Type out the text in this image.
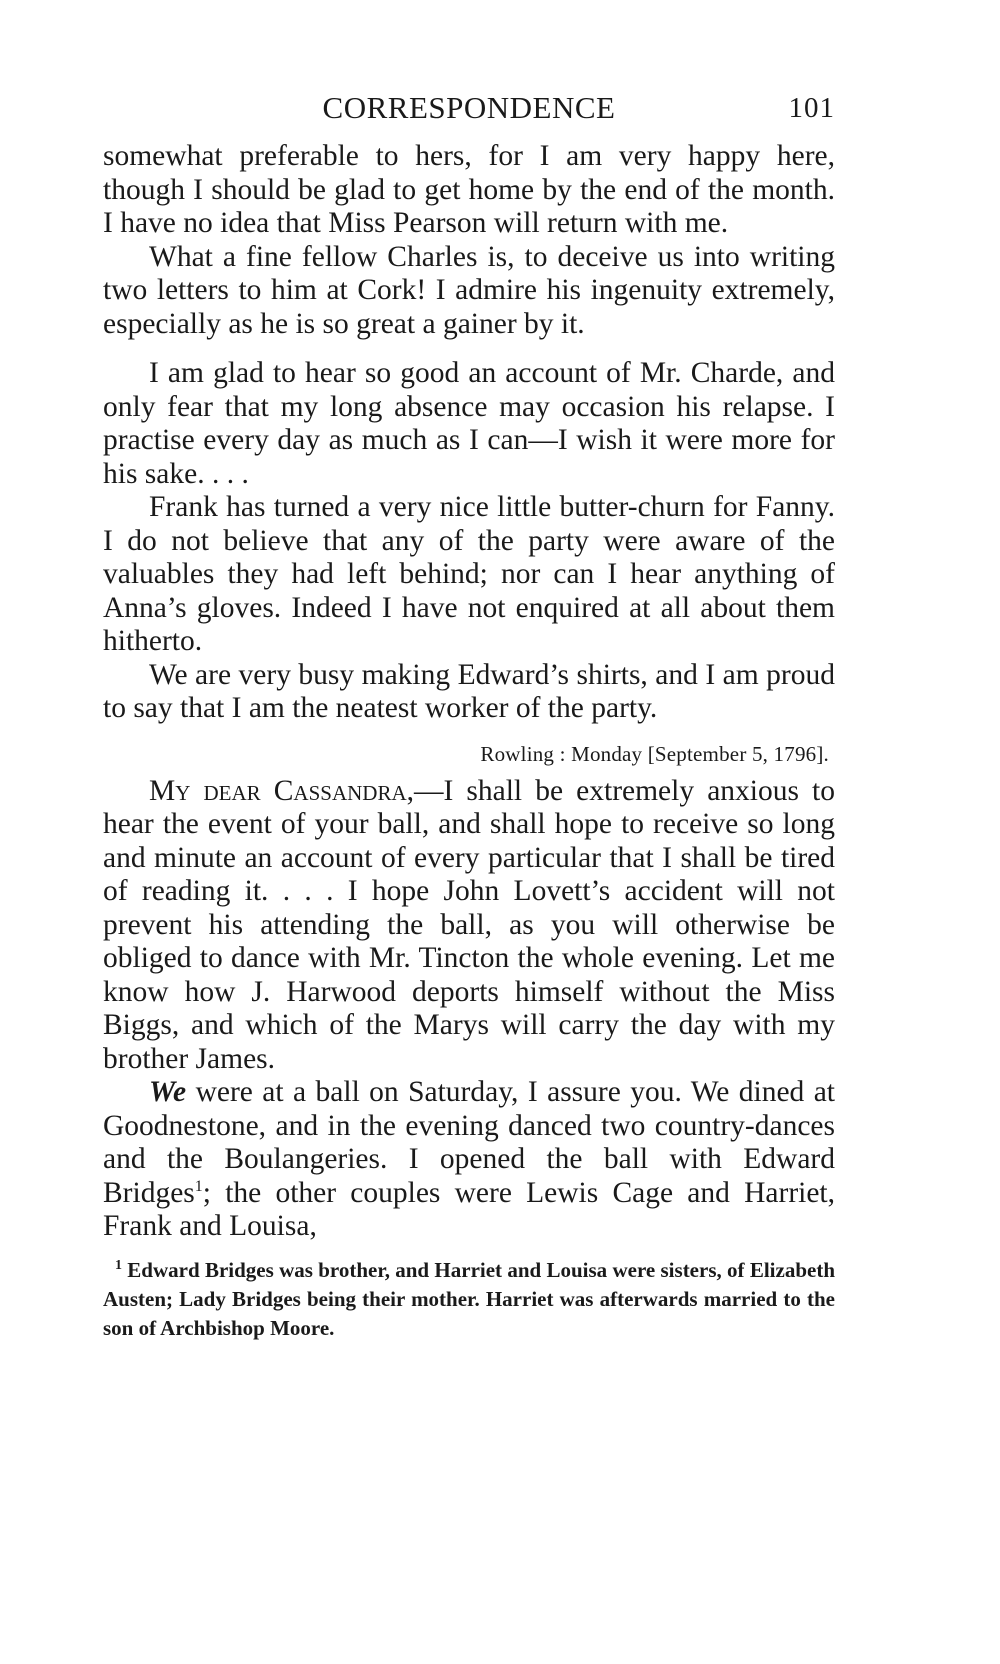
CORRESPONDENCE	101

somewhat preferable to hers, for I am very happy here, though I should be glad to get home by the end of the month. I have no idea that Miss Pearson will return with me.

What a fine fellow Charles is, to deceive us into writing two letters to him at Cork! I admire his ingenuity extremely, especially as he is so great a gainer by it.

I am glad to hear so good an account of Mr. Charde, and only fear that my long absence may occasion his relapse. I practise every day as much as I can—I wish it were more for his sake. . . .

Frank has turned a very nice little butter-churn for Fanny. I do not believe that any of the party were aware of the valuables they had left behind; nor can I hear anything of Anna’s gloves. Indeed I have not enquired at all about them hitherto.

We are very busy making Edward’s shirts, and I am proud to say that I am the neatest worker of the party.

Rowling : Monday [September 5, 1796].

My dear Cassandra,—I shall be extremely anxious to hear the event of your ball, and shall hope to receive so long and minute an account of every particular that I shall be tired of reading it. . . . I hope John Lovett’s accident will not prevent his attending the ball, as you will otherwise be obliged to dance with Mr. Tincton the whole evening. Let me know how J. Harwood deports himself without the Miss Biggs, and which of the Marys will carry the day with my brother James.

We were at a ball on Saturday, I assure you. We dined at Goodnestone, and in the evening danced two country-dances and the Boulangeries. I opened the ball with Edward Bridges$^1$; the other couples were Lewis Cage and Harriet, Frank and Louisa,

$^1$ Edward Bridges was brother, and Harriet and Louisa were sisters, of Elizabeth Austen; Lady Bridges being their mother. Harriet was afterwards married to the son of Archbishop Moore.
